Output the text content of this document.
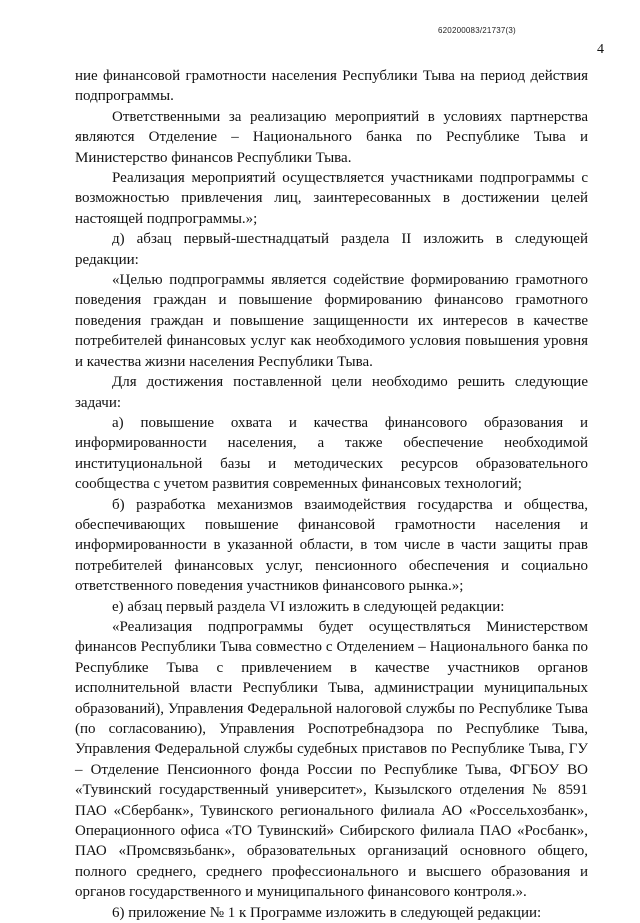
620200083/21737(3)
4

ние финансовой грамотности населения Республики Тыва на период действия подпрограммы.

Ответственными за реализацию мероприятий в условиях партнерства являются Отделение – Национального банка по Республике Тыва и Министерство финансов Республики Тыва.

Реализация мероприятий осуществляется участниками подпрограммы с возможностью привлечения лиц, заинтересованных в достижении целей настоящей подпрограммы.»;

д) абзац первый-шестнадцатый раздела II изложить в следующей редакции:

«Целью подпрограммы является содействие формированию грамотного поведения граждан и повышение формированию финансово грамотного поведения граждан и повышение защищенности их интересов в качестве потребителей финансовых услуг как необходимого условия повышения уровня и качества жизни населения Республики Тыва.

Для достижения поставленной цели необходимо решить следующие задачи:

а) повышение охвата и качества финансового образования и информированности населения, а также обеспечение необходимой институциональной базы и методических ресурсов образовательного сообщества с учетом развития современных финансовых технологий;

б) разработка механизмов взаимодействия государства и общества, обеспечивающих повышение финансовой грамотности населения и информированности в указанной области, в том числе в части защиты прав потребителей финансовых услуг, пенсионного обеспечения и социально ответственного поведения участников финансового рынка.»;

е) абзац первый раздела VI изложить в следующей редакции:

«Реализация подпрограммы будет осуществляться Министерством финансов Республики Тыва совместно с Отделением – Национального банка по Республике Тыва с привлечением в качестве участников органов исполнительной власти Республики Тыва, администрации муниципальных образований), Управления Федеральной налоговой службы по Республике Тыва (по согласованию), Управления Роспотребнадзора по Республике Тыва, Управления Федеральной службы судебных приставов по Республике Тыва, ГУ – Отделение Пенсионного фонда России по Республике Тыва, ФГБОУ ВО «Тувинский государственный университет», Кызылского отделения № 8591 ПАО «Сбербанк», Тувинского регионального филиала АО «Россельхозбанк», Операционного офиса «ТО Тувинский» Сибирского филиала ПАО «Росбанк», ПАО «Промсвязьбанк», образовательных организаций основного общего, полного среднего, среднего профессионального и высшего образования и органов государственного и муниципального финансового контроля.».

6) приложение № 1 к Программе изложить в следующей редакции:
